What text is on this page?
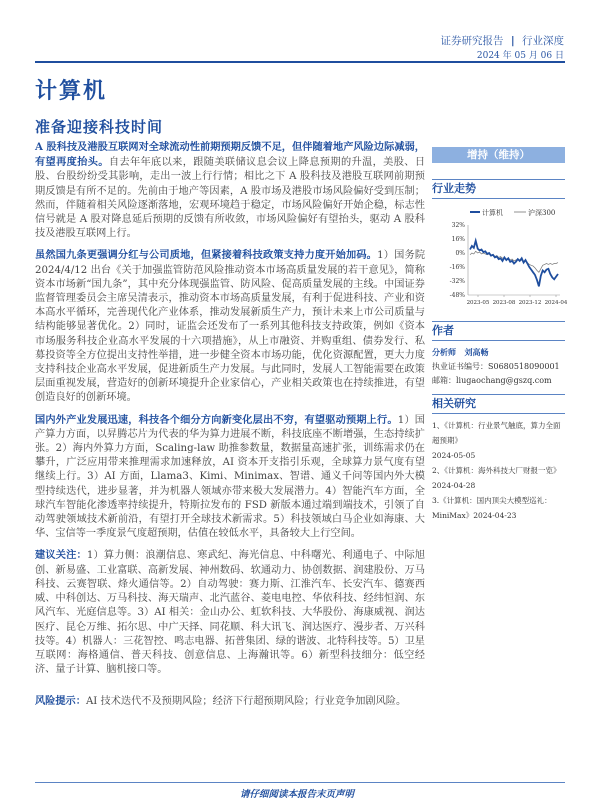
证券研究报告 | 行业深度
2024 年 05 月 06 日
计算机
准备迎接科技时间
A 股科技及港股互联网对全球流动性前期预期反馈不足，但伴随着地产风险边际减弱，有望再度抬头。自去年年底以来，跟随美联储议息会议上降息预期的升温，美股、日股、台股纷纷受其影响，走出一波上行行情；相比之下 A 股科技及港股互联网前期预期反馈是有所不足的。先前由于地产等因素，A 股市场及港股市场风险偏好受到压制；然而，伴随着相关风险逐渐落地，宏观环境趋于稳定，市场风险偏好开始企稳，标志性信号就是 A 股对降息延后预期的反馈有所收敛，市场风险偏好有望抬头，驱动 A 股科技及港股互联网上行。
虽然国九条更强调分红与公司质地，但紧接着科技政策支持力度开始加码。1）国务院 2024/4/12 出台《关于加强监管防范风险推动资本市场高质量发展的若干意见》，简称资本市场新“国九条”，其中充分体现强监管、防风险、促高质量发展的主线。中国证券监督管理委员会主席吴清表示，推动资本市场高质量发展，有利于促进科技、产业和资本高水平循环，完善现代化产业体系，推动发展新质生产力，预计未来上市公司质量与结构能够显著优化。2）同时，证监会还发布了一系列其他科技支持政策，例如《资本市场服务科技企业高水平发展的十六项措施》，从上市融资、并购重组、债券发行、私募投资等全方位提出支持性举措，进一步健全资本市场功能，优化资源配置，更大力度支持科技企业高水平发展，促进新质生产力发展。与此同时，发展人工智能需要在政策层面重视发展，营造好的创新环境提升企业家信心，产业相关政策也在持续推进，有望创造良好的创新环境。
国内外产业发展迅速，科技各个细分方向新变化层出不穷，有望驱动预期上行。1）国产算力方面，以昇腾芯片为代表的华为算力进展不断，科技底座不断增强，生态持续扩张。2）海内外算力方面，Scaling-law 助推参数量，数据量高速扩张，训练需求仍在攀升，广泛应用带来推理需求加速释放，AI 资本开支指引乐观，全球算力景气度有望继续上行。3）AI 方面，Llama3、Kimi、Minimax、智谱、通义千问等国内外大模型持续迭代，进步显著，并为机器人领域亦带来极大发展潜力。4）智能汽车方面，全球汽车智能化渗透率持续提升，特斯拉发布的 FSD 新版本通过端到端技术，引领了自动驾驶领域技术新前沿，有望打开全球技术新需求。5）科技领域白马企业如海康、大华、宝信等一季度景气度超预期，估值在较低水平，具备较大上行空间。
建议关注：1）算力侧：浪潮信息、寒武纪、海光信息、中科曙光、利通电子、中际旭创、新易盛、工业富联、高新发展、神州数码、软通动力、协创数据、润建股份、万马科技、云赛智联、烽火通信等。2）自动驾驶：赛力斯、江淮汽车、长安汽车、德赛西威、中科创达、万马科技、海天瑞声、北汽蓝谷、菱电电控、华依科技、经纬恒润、东风汽车、光庭信息等。3）AI 相关：金山办公、虹软科技、大华股份、海康威视、润达医疗、昆仑万维、拓尔思、中广天择、同花顺、科大讯飞、润达医疗、漫步者、万兴科技等。4）机器人：三花智控、鸣志电器、拓普集团、绿的谐波、北特科技等。5）卫星互联网：海格通信、普天科技、创意信息、上海瀚讯等。6）新型科技细分：低空经济、量子计算、脑机接口等。
风险提示：AI 技术迭代不及预期风险；经济下行超预期风险；行业竞争加剧风险。
增持（维持）
行业走势
计算机	沪深300
32%
16%
0%
-16%
-32%
-48%
2023-05 2023-08 2023-12 2024-04
作者
分析师 刘高畅
执业证书编号：S0680518090001
邮箱：liugaochang@gszq.com
相关研究
1、《计算机：行业景气触底，算力全面超预期》
2024-05-05
2、《计算机：海外科技大厂财报一览》2024-04-28
3.《计算机：国内顶尖大模型巡礼：MiniMax》2024-04-23
请仔细阅读本报告末页声明
